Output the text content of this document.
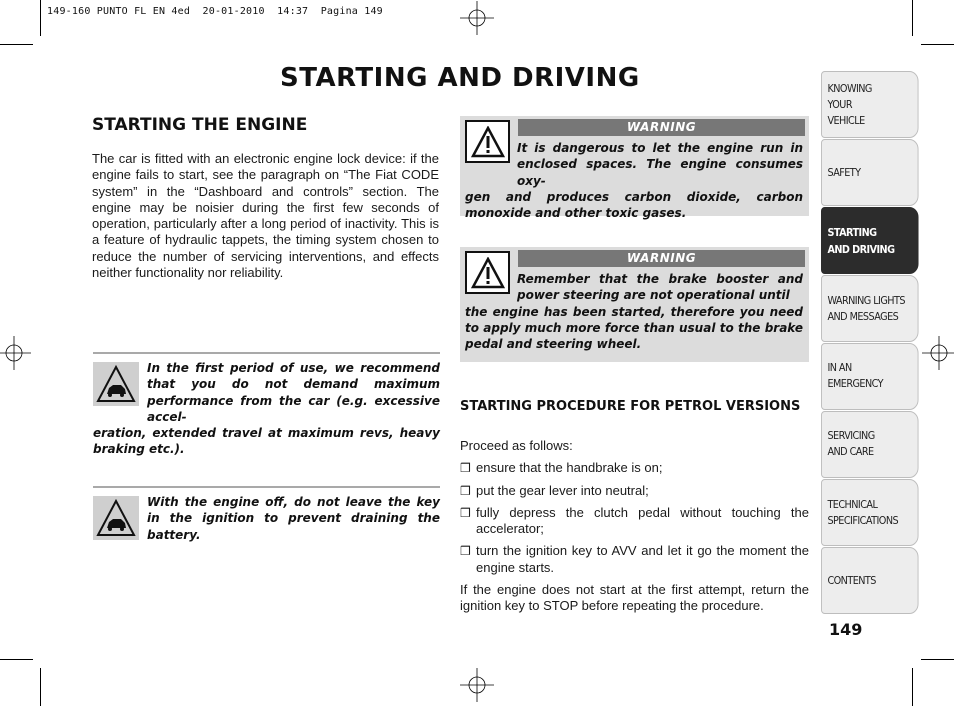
149-160 PUNTO FL EN 4ed  20-01-2010  14:37  Pagina 149
STARTING AND DRIVING
STARTING THE ENGINE
The car is fitted with an electronic engine lock device: if the engine fails to start, see the paragraph on “The Fiat CODE system” in the “Dashboard and controls” section. The engine may be noisier during the first few seconds of operation, particularly after a long period of inactivity. This is a feature of hydraulic tappets, the timing system chosen to reduce the number of servicing interventions, and effects neither functionality nor reliability.
In the first period of use, we recommend that you do not demand maximum performance from the car (e.g. excessive accel-
eration, extended travel at maximum revs, heavy braking etc.).
With the engine off, do not leave the key in the ignition to prevent draining the battery.
WARNING
It is dangerous to let the engine run in enclosed spaces. The engine consumes oxy-
gen and produces carbon dioxide, carbon monoxide and other toxic gases.
WARNING
Remember that the brake booster and power steering are not operational until
the engine has been started, therefore you need to apply much more force than usual to the brake pedal and steering wheel.
STARTING PROCEDURE FOR PETROL VERSIONS
Proceed as follows:
❒ ensure that the handbrake is on;
❒ put the gear lever into neutral;
❒ fully depress the clutch pedal without touching the accelerator;
❒ turn the ignition key to AVV and let it go the moment the engine starts.
If the engine does not start at the first attempt, return the ignition key to STOP before repeating the procedure.
KNOWING
YOUR
VEHICLE
SAFETY
STARTING
AND DRIVING
WARNING LIGHTS
AND MESSAGES
IN AN
EMERGENCY
SERVICING
AND CARE
TECHNICAL
SPECIFICATIONS
CONTENTS
149
